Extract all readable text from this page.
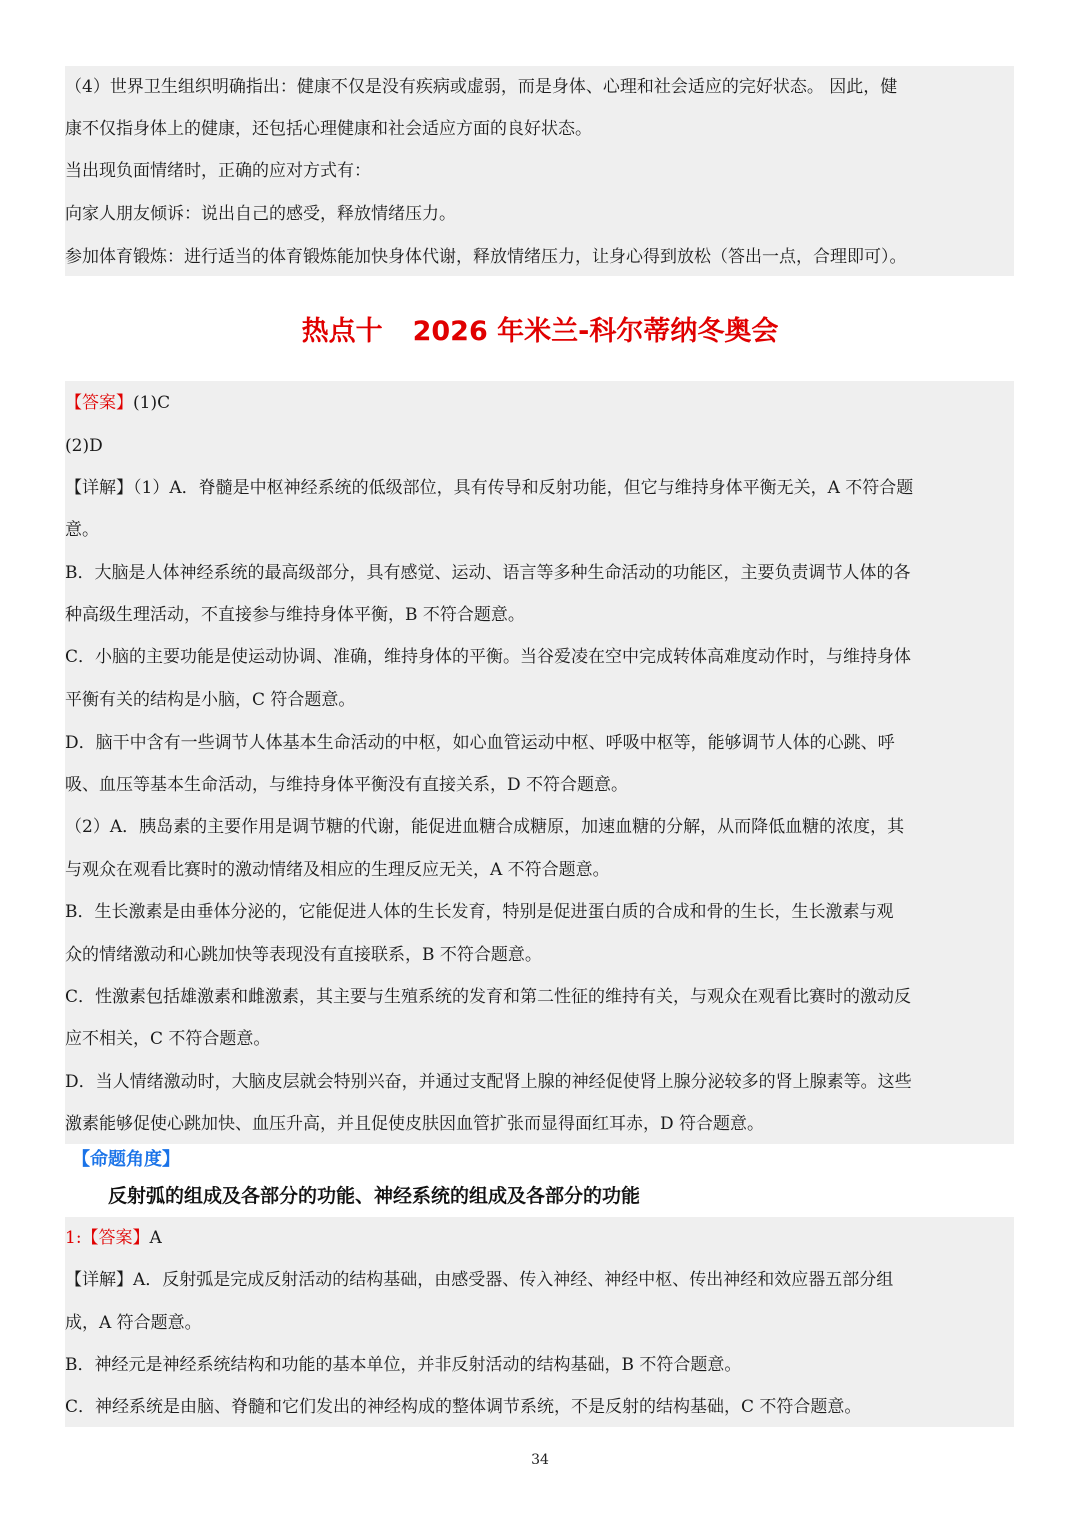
（4）世界卫生组织明确指出：健康不仅是没有疾病或虚弱，而是身体、心理和社会适应的完好状态。 因此，健
康不仅指身体上的健康，还包括心理健康和社会适应方面的良好状态。
当出现负面情绪时，正确的应对方式有：
向家人朋友倾诉：说出自己的感受，释放情绪压力。
参加体育锻炼：进行适当的体育锻炼能加快身体代谢，释放情绪压力，让身心得到放松（答出一点，合理即可）。
热点十 2026 年米兰-科尔蒂纳冬奥会
【答案】(1)C
(2)D
【详解】（1）A．脊髓是中枢神经系统的低级部位，具有传导和反射功能，但它与维持身体平衡无关，A 不符合题
意。
B．大脑是人体神经系统的最高级部分，具有感觉、运动、语言等多种生命活动的功能区，主要负责调节人体的各
种高级生理活动，不直接参与维持身体平衡，B 不符合题意。
C．小脑的主要功能是使运动协调、准确，维持身体的平衡。当谷爱凌在空中完成转体高难度动作时，与维持身体
平衡有关的结构是小脑，C 符合题意。
D．脑干中含有一些调节人体基本生命活动的中枢，如心血管运动中枢、呼吸中枢等，能够调节人体的心跳、呼
吸、血压等基本生命活动，与维持身体平衡没有直接关系，D 不符合题意。
（2）A．胰岛素的主要作用是调节糖的代谢，能促进血糖合成糖原，加速血糖的分解，从而降低血糖的浓度，其
与观众在观看比赛时的激动情绪及相应的生理反应无关，A 不符合题意。
B．生长激素是由垂体分泌的，它能促进人体的生长发育，特别是促进蛋白质的合成和骨的生长，生长激素与观
众的情绪激动和心跳加快等表现没有直接联系，B 不符合题意。
C．性激素包括雄激素和雌激素，其主要与生殖系统的发育和第二性征的维持有关，与观众在观看比赛时的激动反
应不相关，C 不符合题意。
D．当人情绪激动时，大脑皮层就会特别兴奋，并通过支配肾上腺的神经促使肾上腺分泌较多的肾上腺素等。这些
激素能够促使心跳加快、血压升高，并且促使皮肤因血管扩张而显得面红耳赤，D 符合题意。
【命题角度】
反射弧的组成及各部分的功能、神经系统的组成及各部分的功能
1:【答案】A
【详解】A．反射弧是完成反射活动的结构基础，由感受器、传入神经、神经中枢、传出神经和效应器五部分组
成，A 符合题意。
B．神经元是神经系统结构和功能的基本单位，并非反射活动的结构基础，B 不符合题意。
C．神经系统是由脑、脊髓和它们发出的神经构成的整体调节系统，不是反射的结构基础，C 不符合题意。
34
